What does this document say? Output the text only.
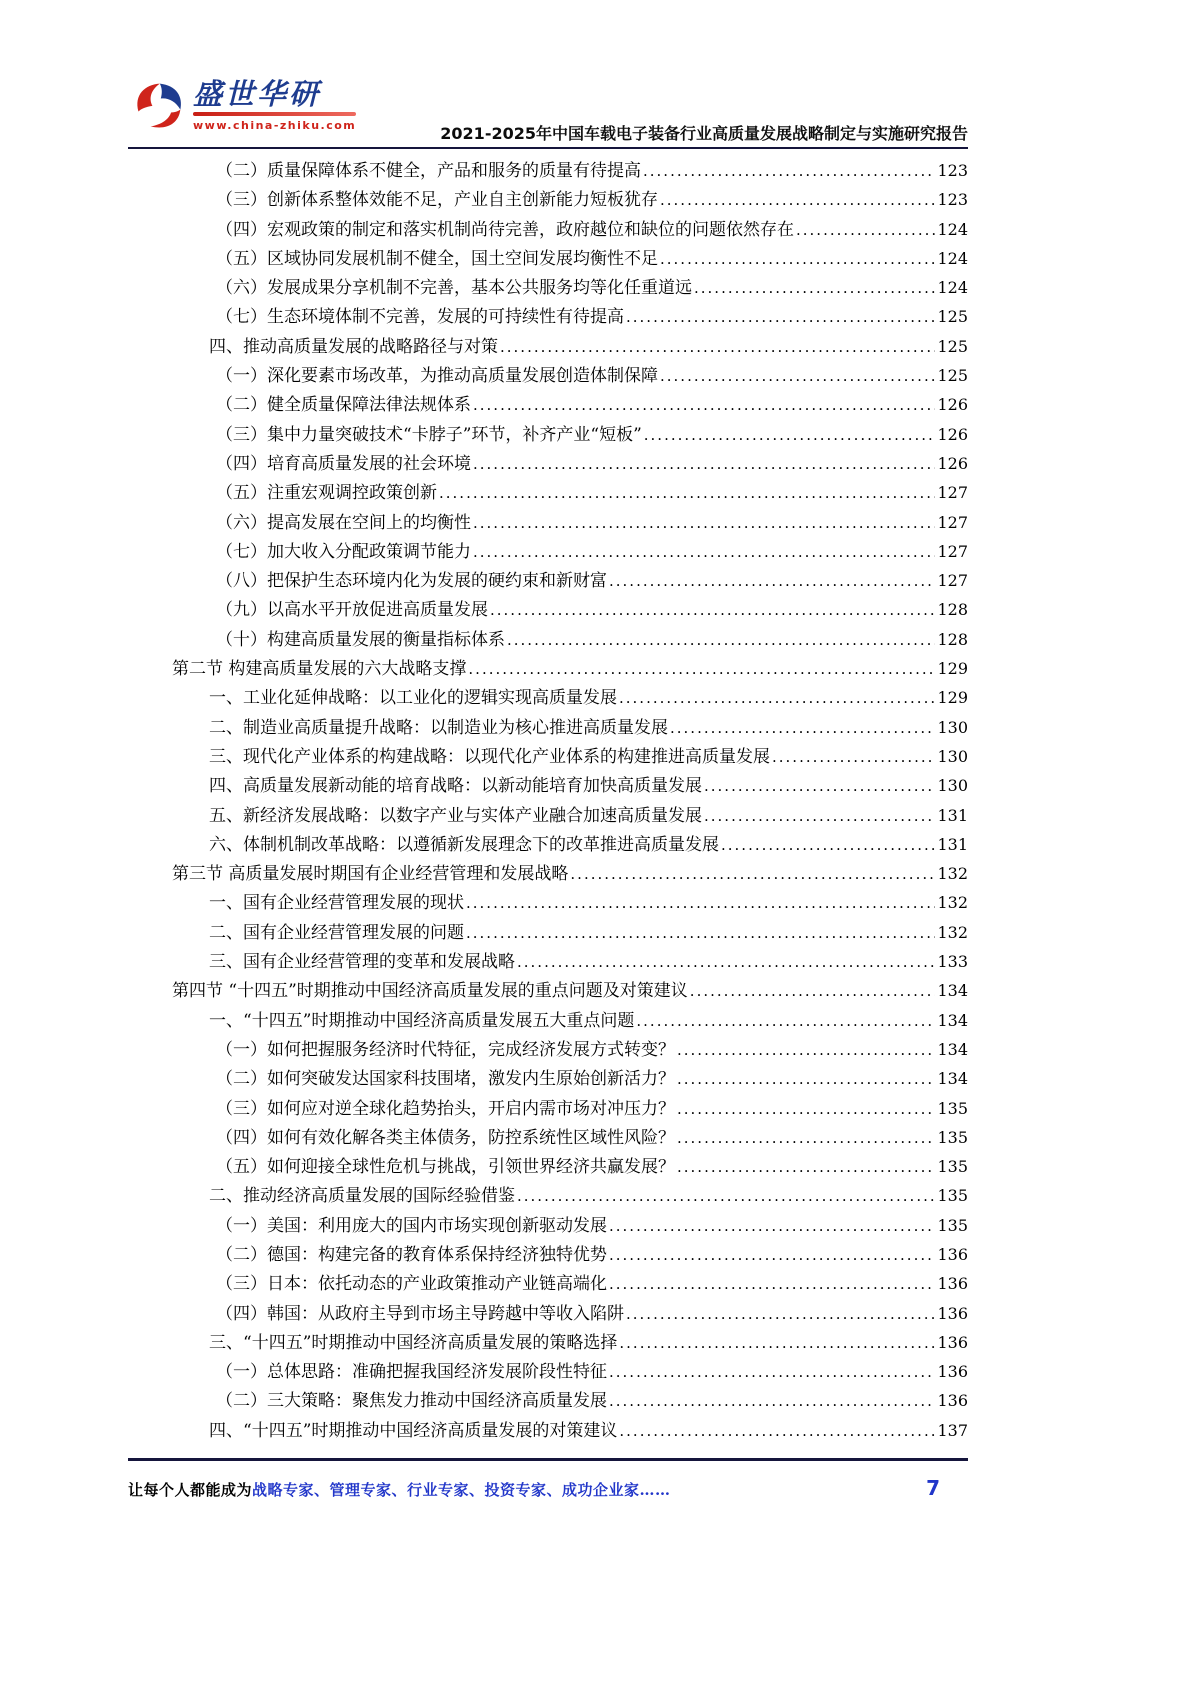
盛世华研
www.china-zhiku.com	2021-2025年中国车载电子装备行业高质量发展战略制定与实施研究报告
（二）质量保障体系不健全，产品和服务的质量有待提高 .....	123
（三）创新体系整体效能不足，产业自主创新能力短板犹存 .....	123
（四）宏观政策的制定和落实机制尚待完善，政府越位和缺位的问题依然存在 .....	124
（五）区域协同发展机制不健全，国土空间发展均衡性不足 .....	124
（六）发展成果分享机制不完善，基本公共服务均等化任重道远 .....	124
（七）生态环境体制不完善，发展的可持续性有待提高 .....	125
四、推动高质量发展的战略路径与对策 .....	125
（一）深化要素市场改革，为推动高质量发展创造体制保障 .....	125
（二）健全质量保障法律法规体系 .....	126
（三）集中力量突破技术“卡脖子”环节，补齐产业“短板” .....	126
（四）培育高质量发展的社会环境 .....	126
（五）注重宏观调控政策创新 .....	127
（六）提高发展在空间上的均衡性 .....	127
（七）加大收入分配政策调节能力 .....	127
（八）把保护生态环境内化为发展的硬约束和新财富 .....	127
（九）以高水平开放促进高质量发展 .....	128
（十）构建高质量发展的衡量指标体系 .....	128
第二节 构建高质量发展的六大战略支撑 .....	129
一、工业化延伸战略：以工业化的逻辑实现高质量发展 .....	129
二、制造业高质量提升战略：以制造业为核心推进高质量发展 .....	130
三、现代化产业体系的构建战略：以现代化产业体系的构建推进高质量发展 .....	130
四、高质量发展新动能的培育战略：以新动能培育加快高质量发展 .....	130
五、新经济发展战略：以数字产业与实体产业融合加速高质量发展 .....	131
六、体制机制改革战略：以遵循新发展理念下的改革推进高质量发展 .....	131
第三节 高质量发展时期国有企业经营管理和发展战略 .....	132
一、国有企业经营管理发展的现状 .....	132
二、国有企业经营管理发展的问题 .....	132
三、国有企业经营管理的变革和发展战略 .....	133
第四节 “十四五”时期推动中国经济高质量发展的重点问题及对策建议 .....	134
一、“十四五”时期推动中国经济高质量发展五大重点问题 .....	134
（一）如何把握服务经济时代特征，完成经济发展方式转变？ .....	134
（二）如何突破发达国家科技围堵，激发内生原始创新活力？ .....	134
（三）如何应对逆全球化趋势抬头，开启内需市场对冲压力？ .....	135
（四）如何有效化解各类主体债务，防控系统性区域性风险？ .....	135
（五）如何迎接全球性危机与挑战，引领世界经济共赢发展？ .....	135
二、推动经济高质量发展的国际经验借鉴 .....	135
（一）美国：利用庞大的国内市场实现创新驱动发展 .....	135
（二）德国：构建完备的教育体系保持经济独特优势 .....	136
（三）日本：依托动态的产业政策推动产业链高端化 .....	136
（四）韩国：从政府主导到市场主导跨越中等收入陷阱 .....	136
三、“十四五”时期推动中国经济高质量发展的策略选择 .....	136
（一）总体思路：准确把握我国经济发展阶段性特征 .....	136
（二）三大策略：聚焦发力推动中国经济高质量发展 .....	136
四、“十四五”时期推动中国经济高质量发展的对策建议 .....	137
让每个人都能成为战略专家、管理专家、行业专家、投资专家、成功企业家……	7
